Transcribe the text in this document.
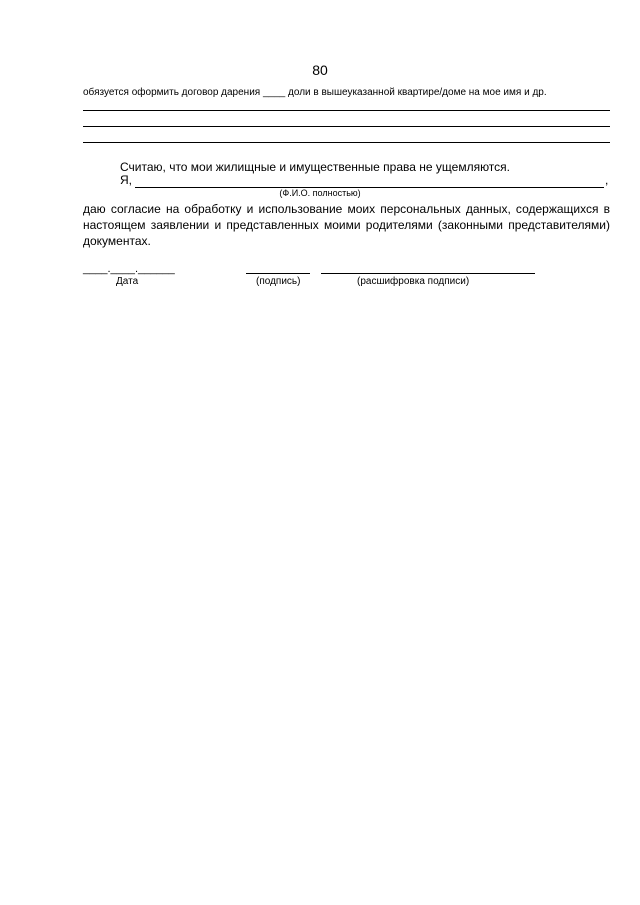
80
обязуется оформить договор дарения ____ доли в вышеуказанной квартире/доме на мое имя и др.
Считаю, что мои жилищные и имущественные права не ущемляются.
Я,	,
(Ф.И.О. полностью)
даю согласие на обработку и использование моих персональных данных, содержащихся в настоящем заявлении и представленных моими родителями (законными представителями) документах.
____.____.______
Дата	(подпись)	(расшифровка подписи)
